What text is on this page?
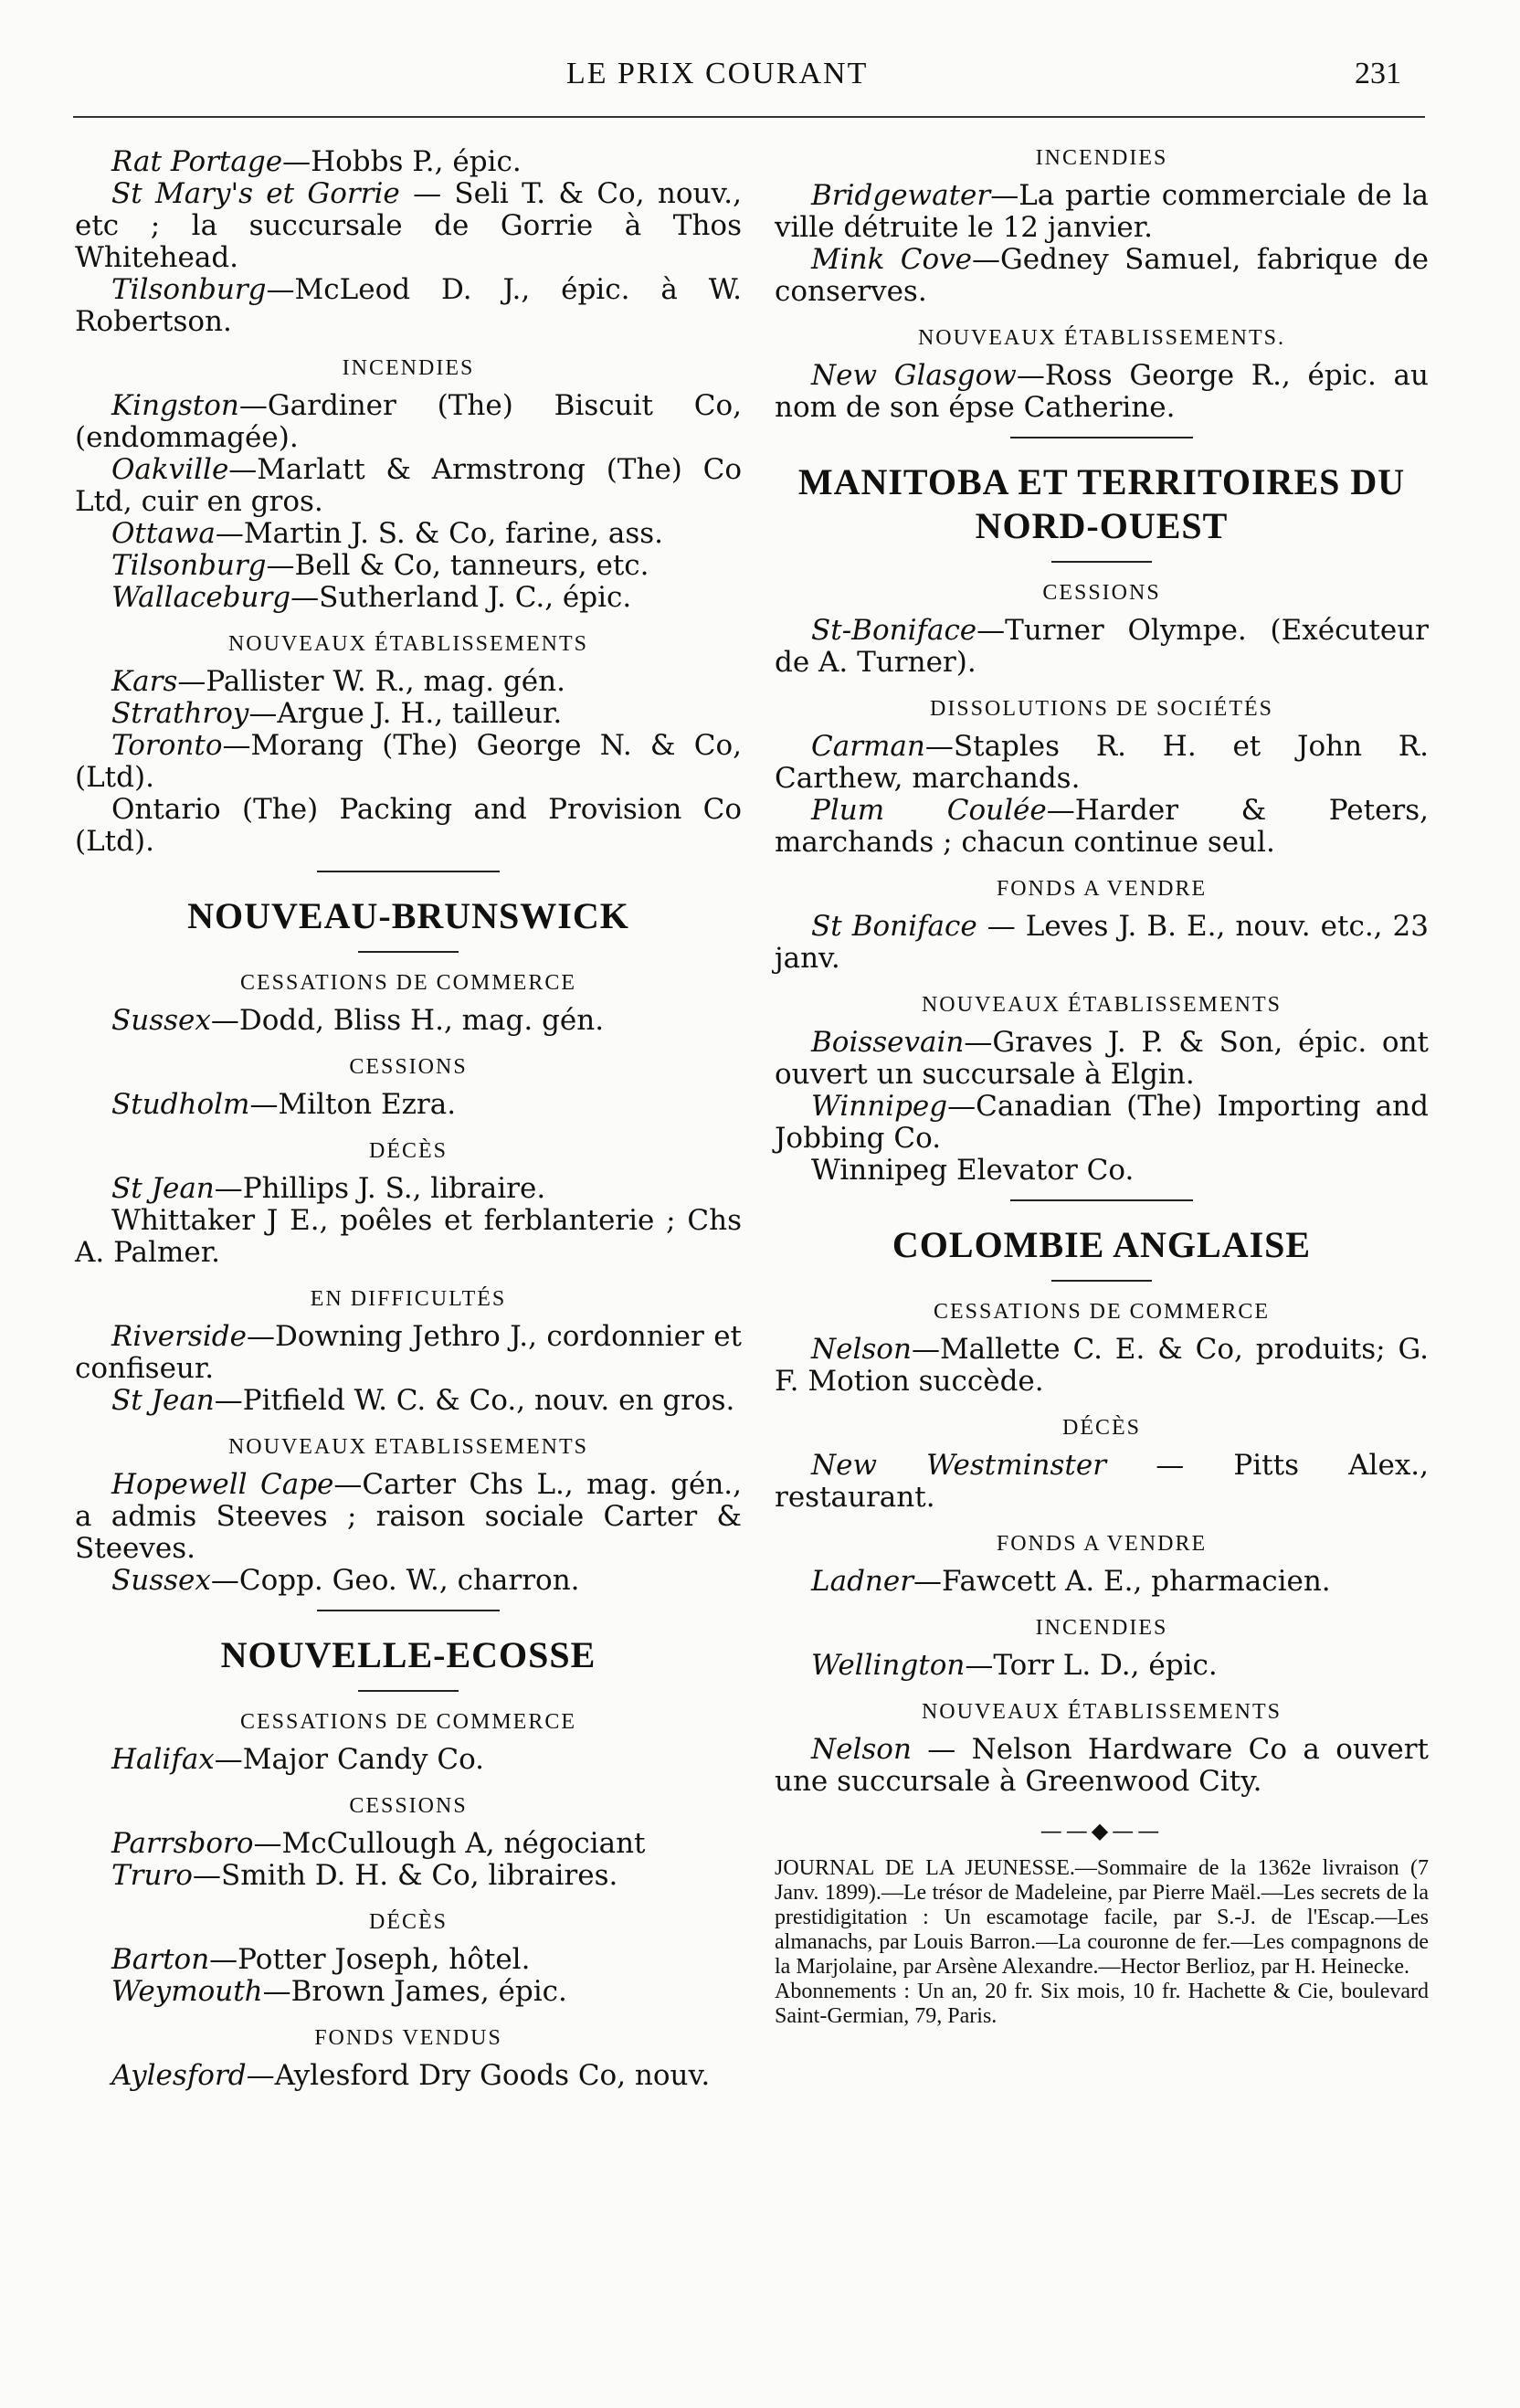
LE PRIX COURANT	231

Rat Portage—Hobbs P., épic.

St Mary's et Gorrie — Seli T. & Co, nouv., etc ; la succursale de Gorrie à Thos Whitehead.

Tilsonburg—McLeod D. J., épic. à W. Robertson.

INCENDIES

Kingston—Gardiner (The) Biscuit Co, (endommagée).

Oakville—Marlatt & Armstrong (The) Co Ltd, cuir en gros.

Ottawa—Martin J. S. & Co, farine, ass.

Tilsonburg—Bell & Co, tanneurs, etc.

Wallaceburg—Sutherland J. C., épic.

NOUVEAUX ÉTABLISSEMENTS

Kars—Pallister W. R., mag. gén.

Strathroy—Argue J. H., tailleur.

Toronto—Morang (The) George N. & Co, (Ltd).

Ontario (The) Packing and Provision Co (Ltd).

NOUVEAU-BRUNSWICK
CESSATIONS DE COMMERCE

Sussex—Dodd, Bliss H., mag. gén.

CESSIONS

Studholm—Milton Ezra.

DÉCÈS

St Jean—Phillips J. S., libraire.

Whittaker J E., poêles et ferblanterie ; Chs A. Palmer.

EN DIFFICULTÉS

Riverside—Downing Jethro J., cordonnier et confiseur.

St Jean—Pitfield W. C. & Co., nouv. en gros.

NOUVEAUX ETABLISSEMENTS

Hopewell Cape—Carter Chs L., mag. gén., a admis Steeves ; raison sociale Carter & Steeves.

Sussex—Copp. Geo. W., charron.

NOUVELLE-ECOSSE
CESSATIONS DE COMMERCE

Halifax—Major Candy Co.

CESSIONS

Parrsboro—McCullough A, négociant

Truro—Smith D. H. & Co, libraires.

DÉCÈS

Barton—Potter Joseph, hôtel.

Weymouth—Brown James, épic.

FONDS VENDUS

Aylesford—Aylesford Dry Goods Co, nouv.

INCENDIES

Bridgewater—La partie commerciale de la ville détruite le 12 janvier.

Mink Cove—Gedney Samuel, fabrique de conserves.

NOUVEAUX ÉTABLISSEMENTS.

New Glasgow—Ross George R., épic. au nom de son épse Catherine.

MANITOBA ET TERRITOIRES DU NORD-OUEST
CESSIONS

St-Boniface—Turner Olympe. (Exécuteur de A. Turner).

DISSOLUTIONS DE SOCIÉTÉS

Carman—Staples R. H. et John R. Carthew, marchands.

Plum Coulée—Harder & Peters, marchands ; chacun continue seul.

FONDS A VENDRE

St Boniface — Leves J. B. E., nouv. etc., 23 janv.

NOUVEAUX ÉTABLISSEMENTS

Boissevain—Graves J. P. & Son, épic. ont ouvert un succursale à Elgin.

Winnipeg—Canadian (The) Importing and Jobbing Co.

Winnipeg Elevator Co.

COLOMBIE ANGLAISE
CESSATIONS DE COMMERCE

Nelson—Mallette C. E. & Co, produits; G. F. Motion succède.

DÉCÈS

New Westminster — Pitts Alex., restaurant.

FONDS A VENDRE

Ladner—Fawcett A. E., pharmacien.

INCENDIES

Wellington—Torr L. D., épic.

NOUVEAUX ÉTABLISSEMENTS

Nelson — Nelson Hardware Co a ouvert une succursale à Greenwood City.

——◆——

JOURNAL DE LA JEUNESSE.—Sommaire de la 1362e livraison (7 Janv. 1899).—Le trésor de Madeleine, par Pierre Maël.—Les secrets de la prestidigitation : Un escamotage facile, par S.-J. de l'Escap.—Les almanachs, par Louis Barron.—La couronne de fer.—Les compagnons de la Marjolaine, par Arsène Alexandre.—Hector Berlioz, par H. Heinecke.

Abonnements : Un an, 20 fr. Six mois, 10 fr. Hachette & Cie, boulevard Saint-Germian, 79, Paris.
